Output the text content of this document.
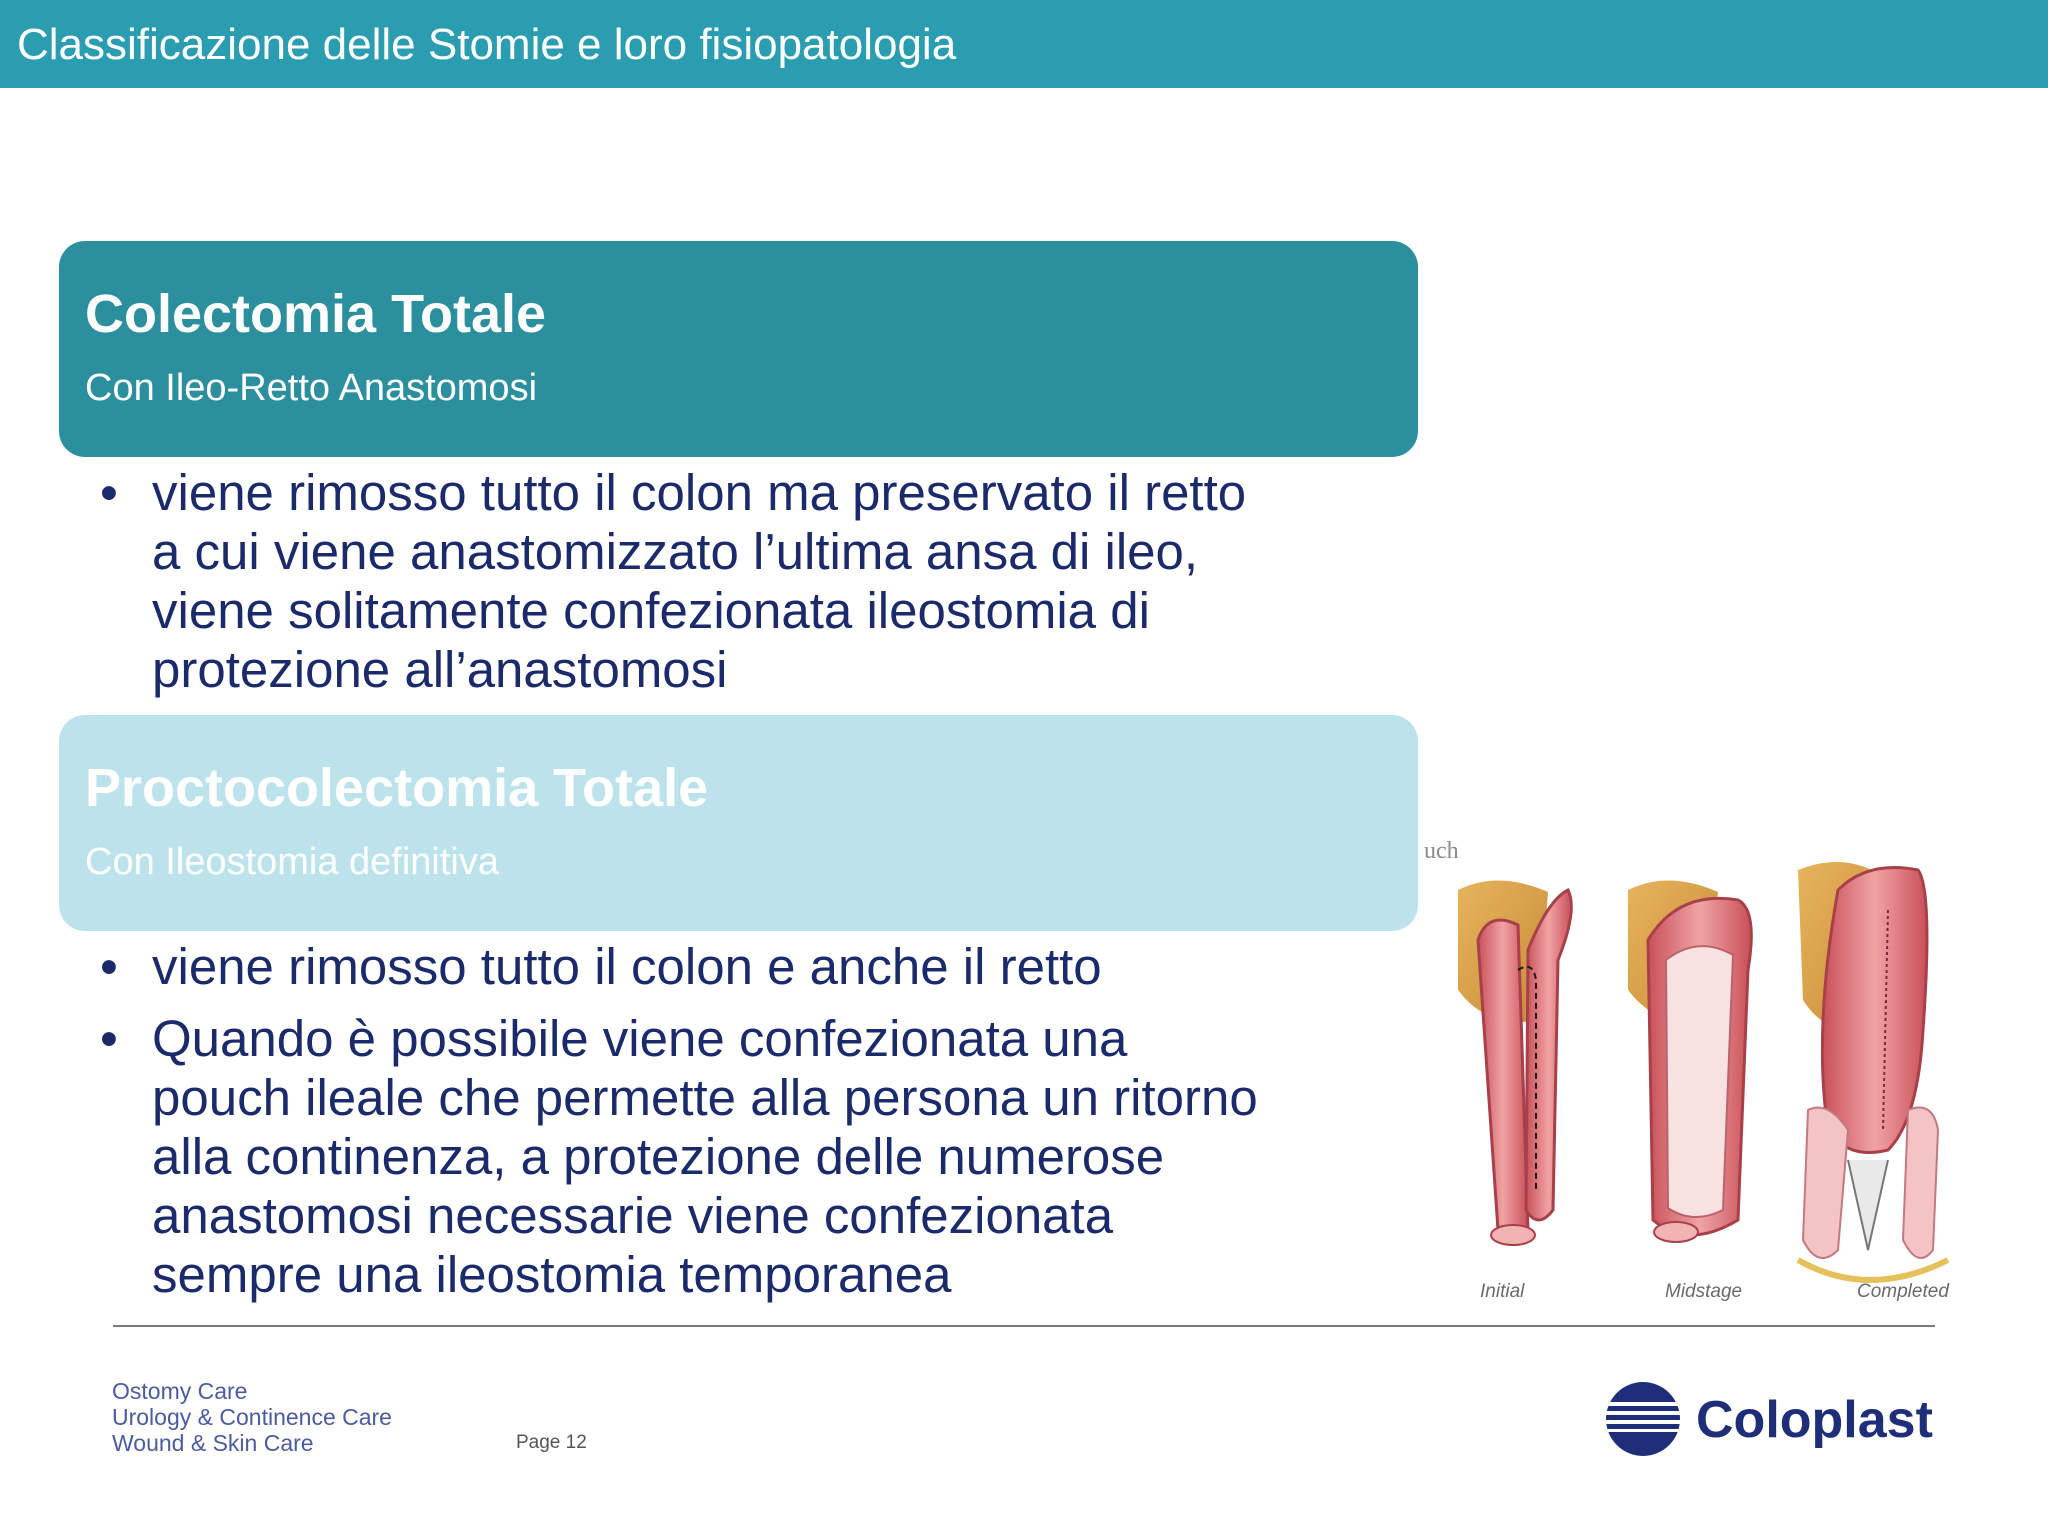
Classificazione delle Stomie e loro fisiopatologia
Colectomia Totale
Con Ileo-Retto Anastomosi
• viene rimosso tutto il colon ma preservato il retto
a cui viene anastomizzato l’ultima ansa di ileo,
viene solitamente confezionata ileostomia di
protezione all’anastomosi
Proctocolectomia Totale
Con Ileostomia definitiva
• viene rimosso tutto il colon e anche il retto
• Quando è possibile viene confezionata una
pouch ileale che permette alla persona un ritorno
alla continenza, a protezione delle numerose
anastomosi necessarie viene confezionata
sempre una ileostomia temporanea
uch
Initial	Midstage	Completed
Ostomy Care
Urology & Continence Care
Wound & Skin Care	Page 12	Coloplast
